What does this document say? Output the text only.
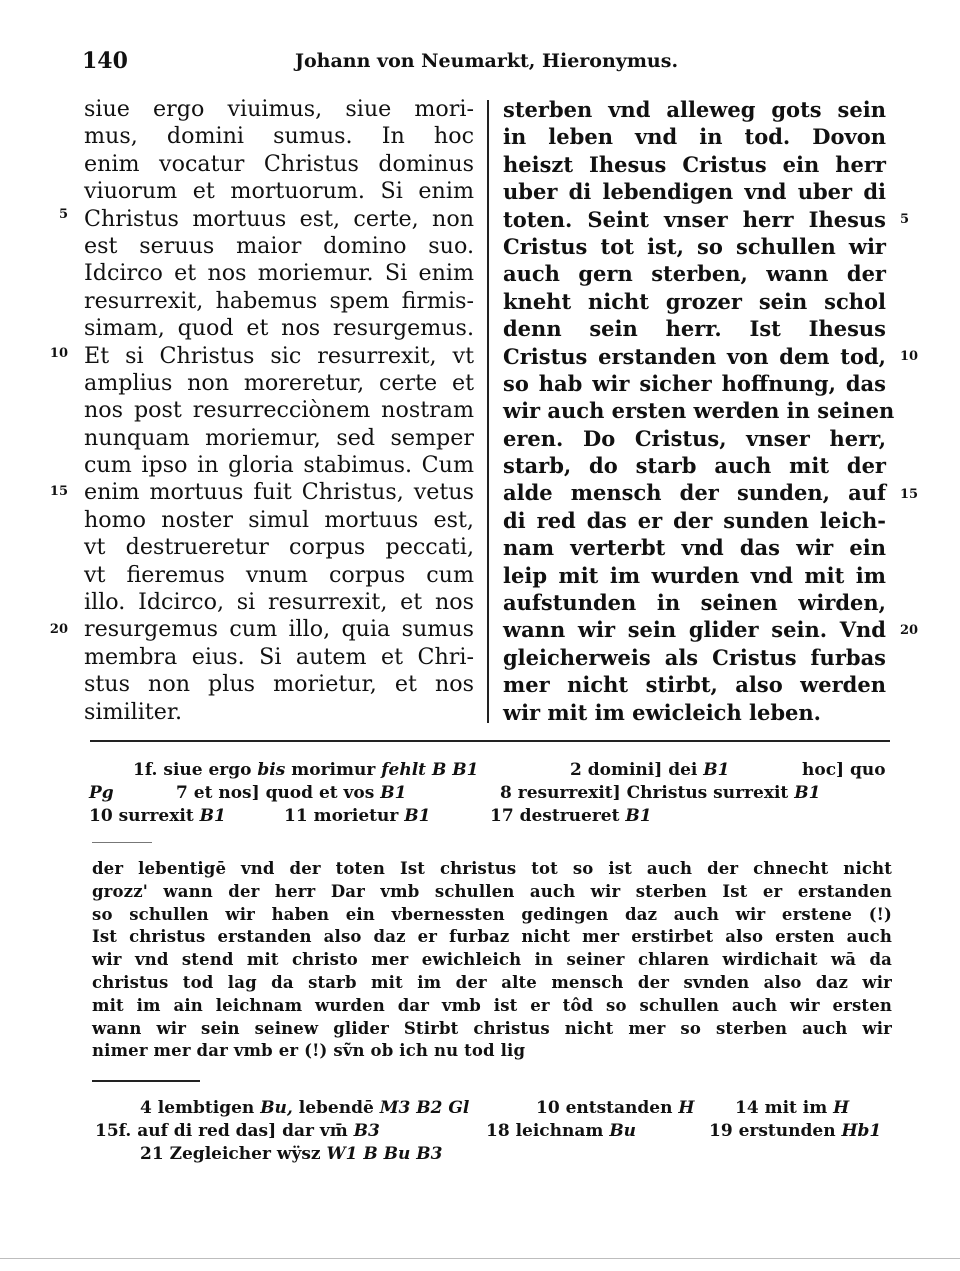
140	Johann von Neumarkt, Hieronymus.
siue ergo viuimus, siue mori-
mus, domini sumus. In hoc
enim vocatur Christus dominus
viuorum et mortuorum. Si enim
Christus mortuus est, certe, non
est seruus maior domino suo.
Idcirco et nos moriemur. Si enim
resurrexit, habemus spem firmis-
simam, quod et nos resurgemus.
Et si Christus sic resurrexit, vt
amplius non moreretur, certe et
nos post resurrecciònem nostram
nunquam moriemur, sed semper
cum ipso in gloria stabimus. Cum
enim mortuus fuit Christus, vetus
homo noster simul mortuus est,
vt destrueretur corpus peccati,
vt fieremus vnum corpus cum
illo. Idcirco, si resurrexit, et nos
resurgemus cum illo, quia sumus
membra eius. Si autem et Chri-
stus non plus morietur, et nos
similiter.
sterben vnd alleweg gots sein
in leben vnd in tod. Dovon
heiszt Ihesus Cristus ein herr
uber di lebendigen vnd uber di
toten. Seint vnser herr Ihesus
Cristus tot ist, so schullen wir
auch gern sterben, wann der
kneht nicht grozer sein schol
denn sein herr. Ist Ihesus
Cristus erstanden von dem tod,
so hab wir sicher hoffnung, das
wir auch ersten werden in seinen
eren. Do Cristus, vnser herr,
starb, do starb auch mit der
alde mensch der sunden, auf
di red das er der sunden leich-
nam verterbt vnd das wir ein
leip mit im wurden vnd mit im
aufstunden in seinen wirden,
wann wir sein glider sein. Vnd
gleicherweis als Cristus furbas
mer nicht stirbt, also werden
wir mit im ewicleich leben.
5
10
15
20
5
10
15
20
1f. siue ergo bis morimur fehlt B B1	2 domini] dei B1	hoc] quo
Pg	7 et nos] quod et vos B1	8 resurrexit] Christus surrexit B1
10 surrexit B1	11 morietur B1	17 destrueret B1
der lebentigē vnd der toten Ist christus tot so ist auch der chnecht nicht
grozz' wann der herr Dar vmb schullen auch wir sterben Ist er erstanden
so schullen wir haben ein vbernessten gedingen daz auch wir erstene (!)
Ist christus erstanden also daz er furbaz nicht mer erstirbet also ersten auch
wir vnd stend mit christo mer ewichleich in seiner chlaren wirdichait wā da
christus tod lag da starb mit im der alte mensch der svnden also daz wir
mit im ain leichnam wurden dar vmb ist er tôd so schullen auch wir ersten
wann wir sein seinew glider Stirbt christus nicht mer so sterben auch wir
nimer mer dar vmb er (!) sṽn ob ich nu tod lig
4 lembtigen Bu, lebendē M3 B2 Gl	10 entstanden H 14 mit im H
15f. auf di red das] dar vm̄ B3	18 leichnam Bu	19 erstunden Hb1
21 Zegleicher wÿsz W1 B Bu B3
